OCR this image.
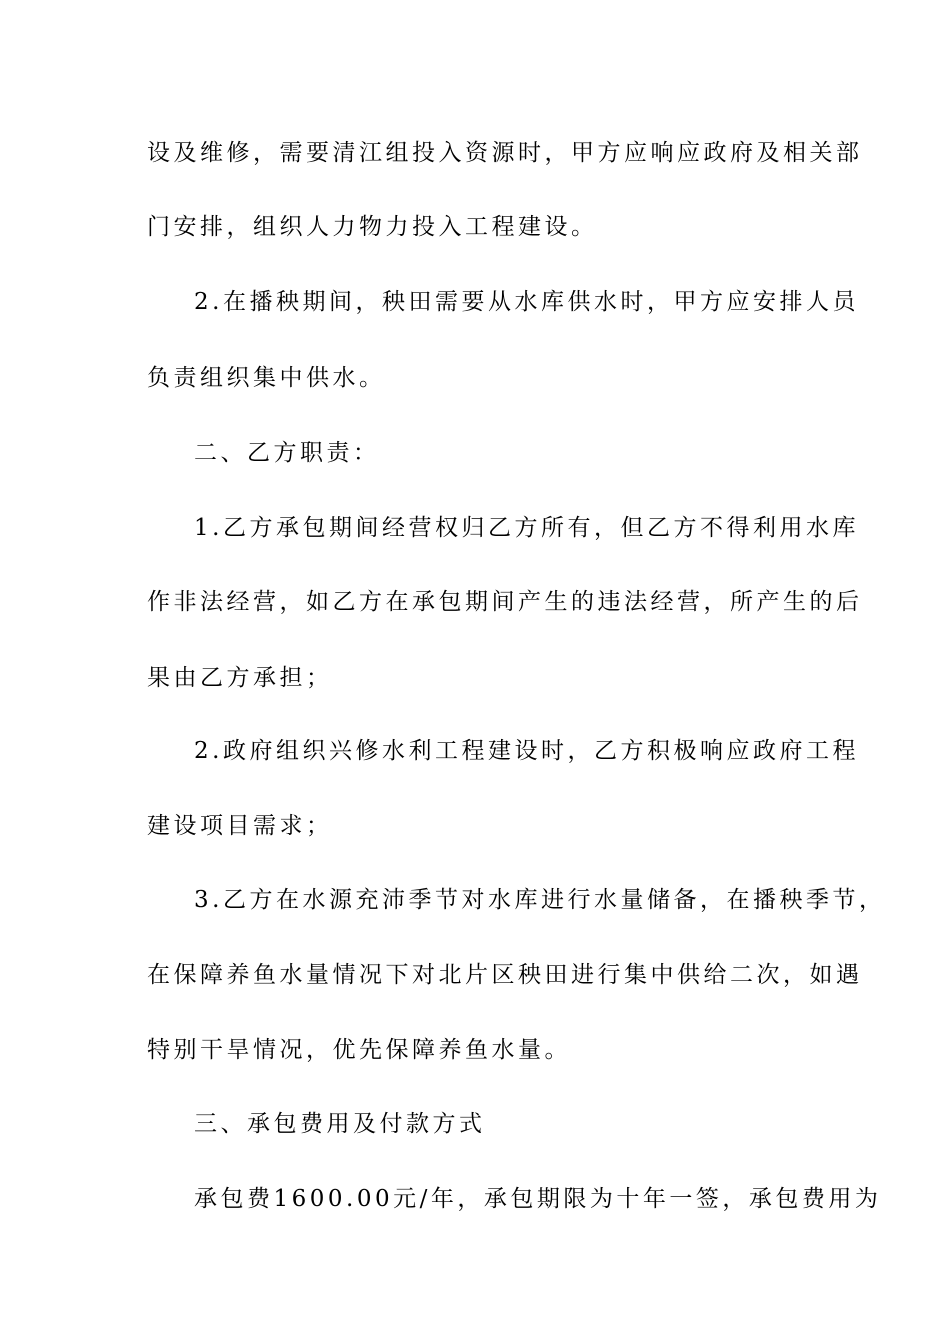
设及维修，需要清江组投入资源时，甲方应响应政府及相关部
门安排，组织人力物力投入工程建设。
2.在播秧期间，秧田需要从水库供水时，甲方应安排人员
负责组织集中供水。
二、乙方职责：
1.乙方承包期间经营权归乙方所有，但乙方不得利用水库
作非法经营，如乙方在承包期间产生的违法经营，所产生的后
果由乙方承担；
2.政府组织兴修水利工程建设时，乙方积极响应政府工程
建设项目需求；
3.乙方在水源充沛季节对水库进行水量储备，在播秧季节，
在保障养鱼水量情况下对北片区秧田进行集中供给二次，如遇
特别干旱情况，优先保障养鱼水量。
三、承包费用及付款方式
承包费1600.00元/年，承包期限为十年一签，承包费用为
